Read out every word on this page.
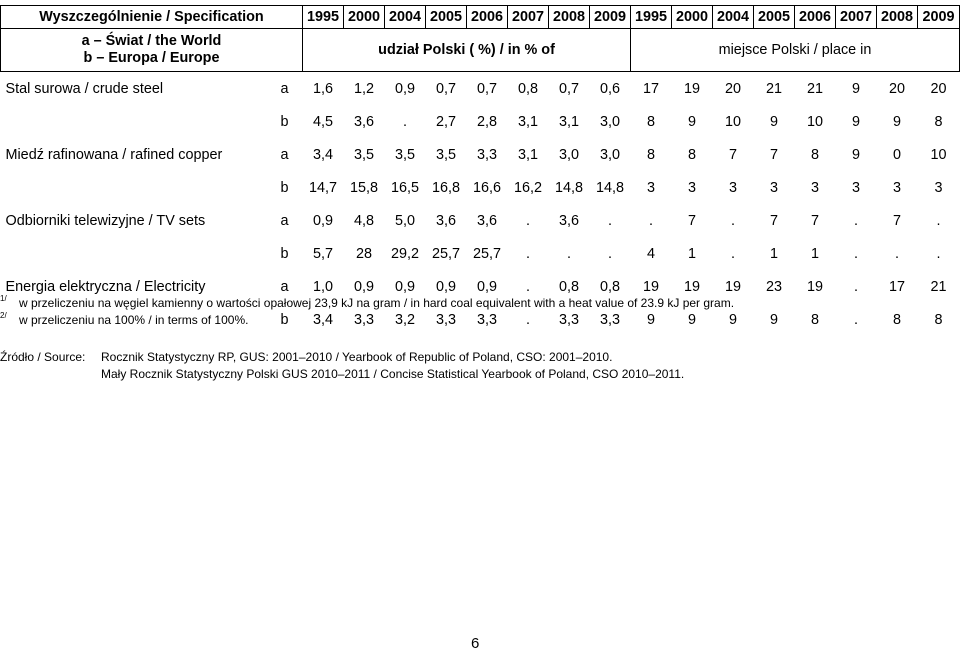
Wyszczególnienie / Specification		1995	2000	2004	2005	2006	2007	2008	2009	1995	2000	2004	2005	2006	2007	2008	2009

a – Świat / the World
b – Europa / Europe		udział Polski ( %) / in % of								miejsce Polski / place in							
Stal surowa / crude steel	a	1,6	1,2	0,9	0,7	0,7	0,8	0,7	0,6	17	19	20	21	21	9	20	20
	b	4,5	3,6	.	2,7	2,8	3,1	3,1	3,0	8	9	10	9	10	9	9	8
Miedź rafinowana / rafined copper	a	3,4	3,5	3,5	3,5	3,3	3,1	3,0	3,0	8	8	7	7	8	9	0	10
	b	14,7	15,8	16,5	16,8	16,6	16,2	14,8	14,8	3	3	3	3	3	3	3	3
Odbiorniki telewizyjne / TV sets	a	0,9	4,8	5,0	3,6	3,6	.	3,6	.	.	7	.	7	7	.	7	.
	b	5,7	28	29,2	25,7	25,7	.	.	.	4	1	.	1	1	.	.	.
Energia elektryczna / Electricity	a	1,0	0,9	0,9	0,9	0,9	.	0,8	0,8	19	19	19	23	19	.	17	21
	b	3,4	3,3	3,2	3,3	3,3	.	3,3	3,3	9	9	9	9	8	.	8	8
$^{1/}$ w przeliczeniu na węgiel kamienny o wartości opałowej 23,9 kJ na gram / in hard coal equivalent with a heat value of 23.9 kJ per gram.
$^{2/}$ w przeliczeniu na 100% / in terms of 100%.
Źródło / Source: Rocznik Statystyczny RP, GUS: 2001–2010 / Yearbook of Republic of Poland, CSO: 2001–2010.
Mały Rocznik Statystyczny Polski GUS 2010–2011 / Concise Statistical Yearbook of Poland, CSO 2010–2011.
6
